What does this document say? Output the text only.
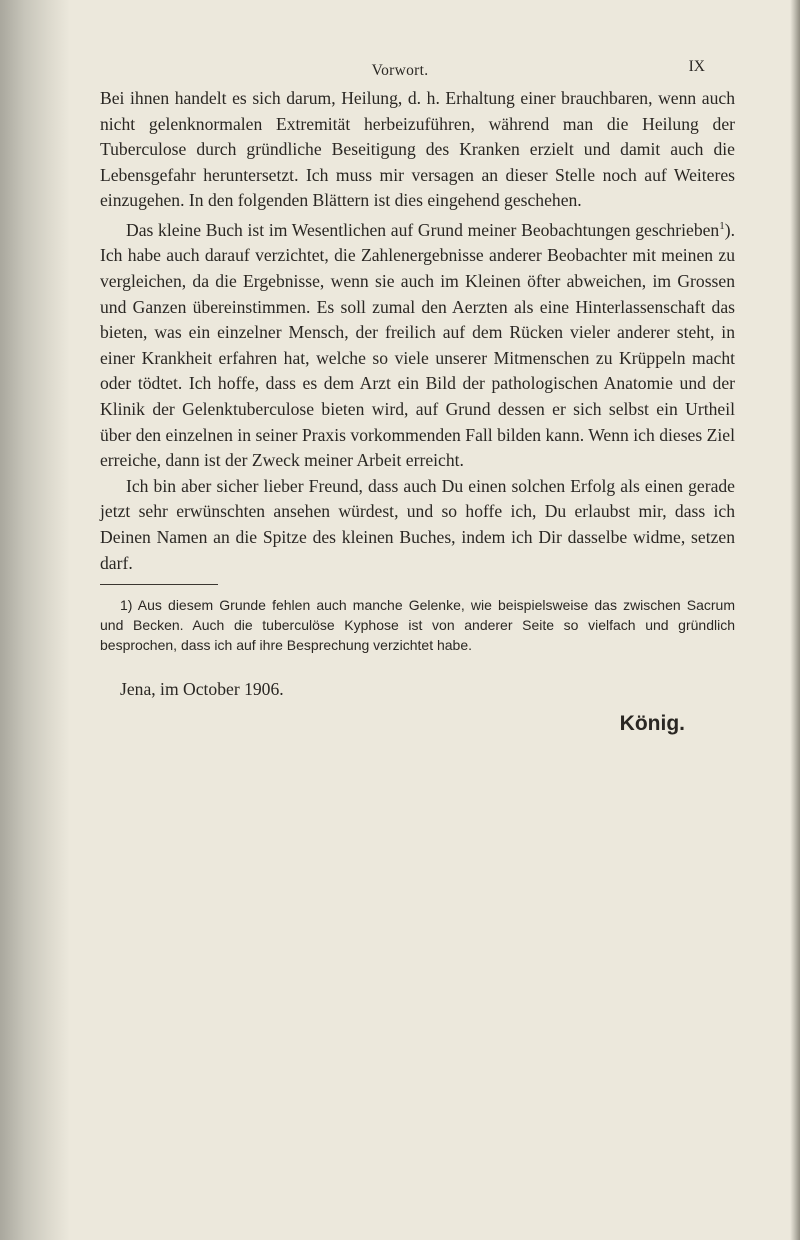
Vorwort.	IX

Bei ihnen handelt es sich darum, Heilung, d. h. Erhaltung einer brauchbaren, wenn auch nicht gelenknormalen Extremität herbeizuführen, während man die Heilung der Tuberculose durch gründliche Beseitigung des Kranken erzielt und damit auch die Lebensgefahr heruntersetzt. Ich muss mir versagen an dieser Stelle noch auf Weiteres einzugehen. In den folgenden Blättern ist dies eingehend geschehen.

Das kleine Buch ist im Wesentlichen auf Grund meiner Beobachtungen geschrieben$^1$). Ich habe auch darauf verzichtet, die Zahlenergebnisse anderer Beobachter mit meinen zu vergleichen, da die Ergebnisse, wenn sie auch im Kleinen öfter abweichen, im Grossen und Ganzen übereinstimmen. Es soll zumal den Aerzten als eine Hinterlassenschaft das bieten, was ein einzelner Mensch, der freilich auf dem Rücken vieler anderer steht, in einer Krankheit erfahren hat, welche so viele unserer Mitmenschen zu Krüppeln macht oder tödtet. Ich hoffe, dass es dem Arzt ein Bild der pathologischen Anatomie und der Klinik der Gelenktuberculose bieten wird, auf Grund dessen er sich selbst ein Urtheil über den einzelnen in seiner Praxis vorkommenden Fall bilden kann. Wenn ich dieses Ziel erreiche, dann ist der Zweck meiner Arbeit erreicht.

Ich bin aber sicher lieber Freund, dass auch Du einen solchen Erfolg als einen gerade jetzt sehr erwünschten ansehen würdest, und so hoffe ich, Du erlaubst mir, dass ich Deinen Namen an die Spitze des kleinen Buches, indem ich Dir dasselbe widme, setzen darf.

1) Aus diesem Grunde fehlen auch manche Gelenke, wie beispielsweise das zwischen Sacrum und Becken. Auch die tuberculöse Kyphose ist von anderer Seite so vielfach und gründlich besprochen, dass ich auf ihre Besprechung verzichtet habe.

Jena, im October 1906.

König.
